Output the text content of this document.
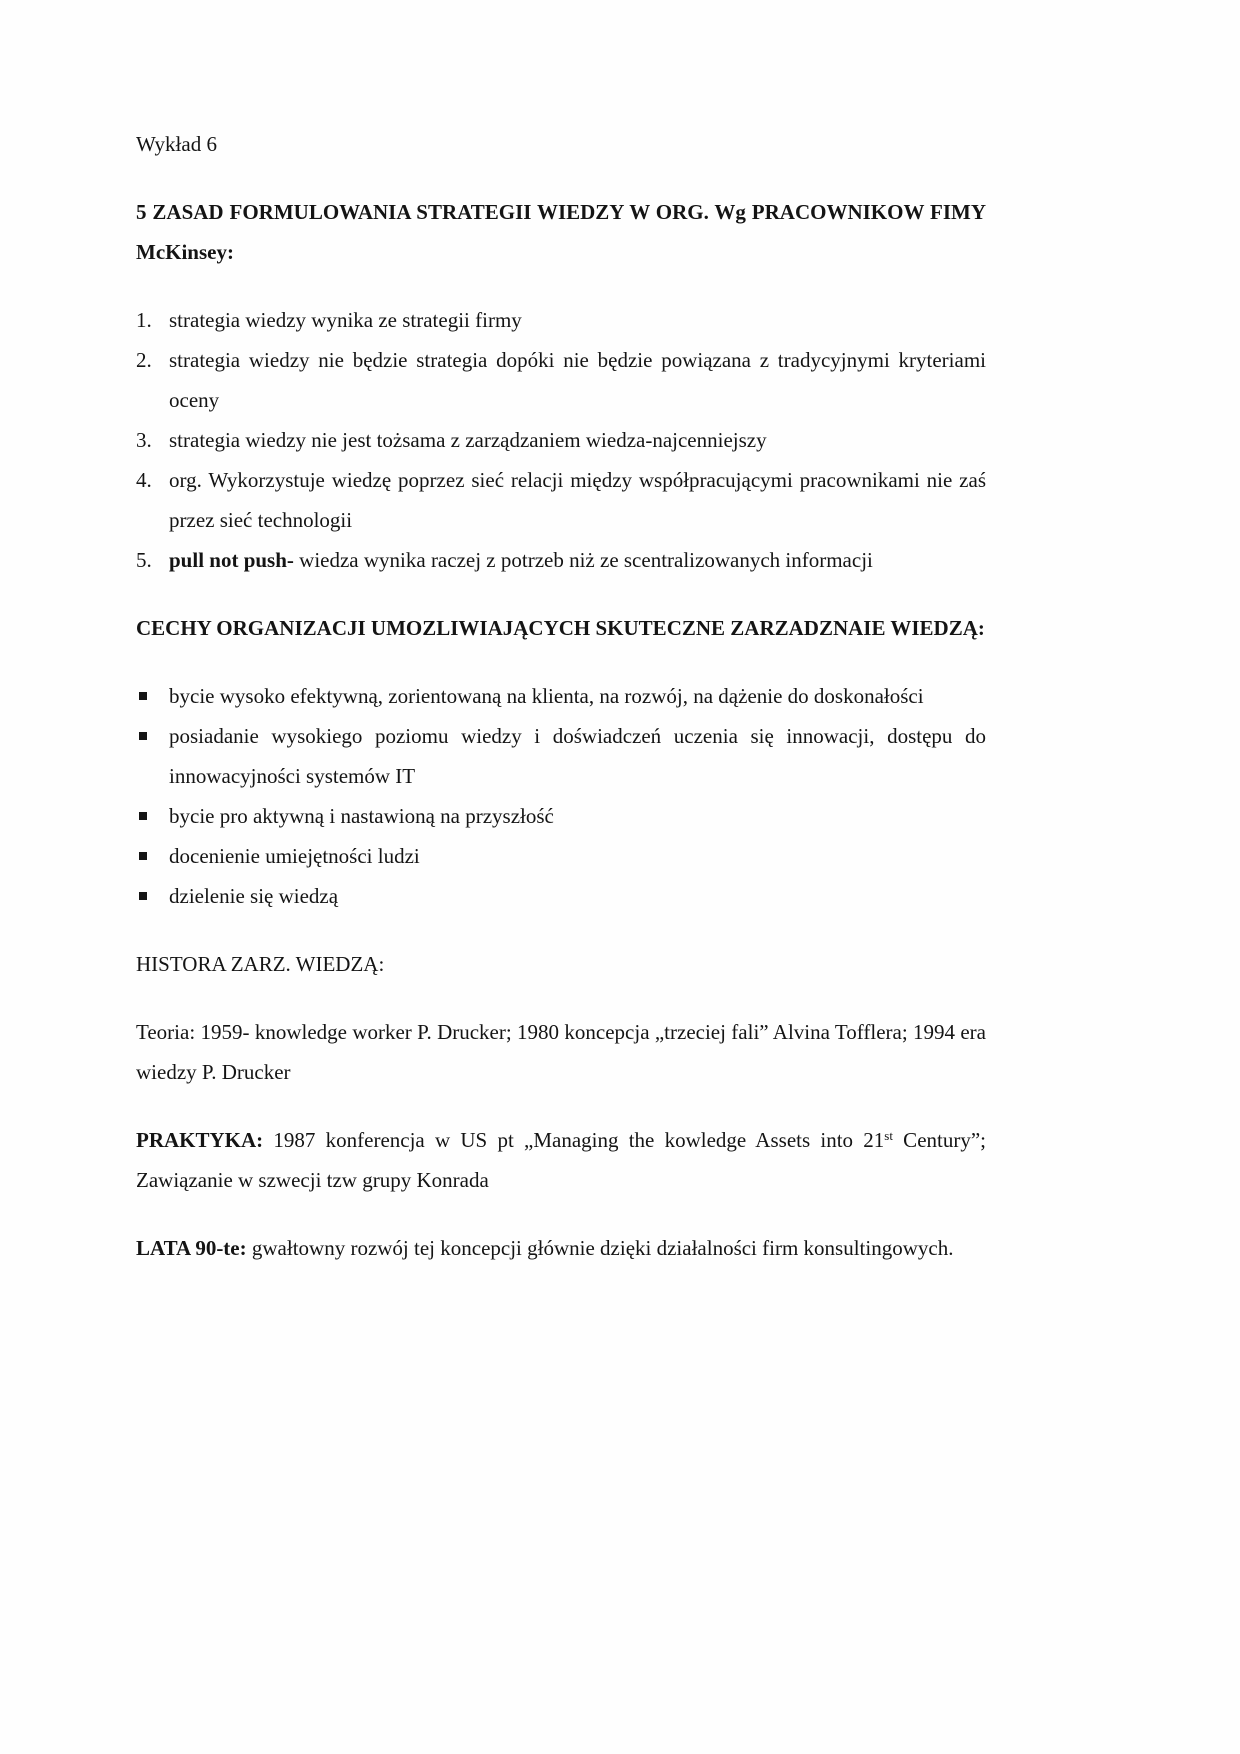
Wykład 6

5 ZASAD FORMULOWANIA STRATEGII WIEDZY W ORG. Wg PRACOWNIKOW FIMY McKinsey:

1. strategia wiedzy wynika ze strategii firmy
2. strategia wiedzy nie będzie strategia dopóki nie będzie powiązana z tradycyjnymi kryteriami oceny
3. strategia wiedzy nie jest tożsama z zarządzaniem wiedza-najcenniejszy
4. org. Wykorzystuje wiedzę poprzez sieć relacji między współpracującymi pracownikami nie zaś przez sieć technologii
5. pull not push- wiedza wynika raczej z potrzeb niż ze scentralizowanych informacji

CECHY ORGANIZACJI UMOZLIWIAJĄCYCH SKUTECZNE ZARZADZNAIE WIEDZĄ:

bycie wysoko efektywną, zorientowaną na klienta, na rozwój, na dążenie do doskonałości
posiadanie wysokiego poziomu wiedzy i doświadczeń uczenia się innowacji, dostępu do innowacyjności systemów IT
bycie pro aktywną i nastawioną na przyszłość
docenienie umiejętności ludzi
dzielenie się wiedzą

HISTORA ZARZ. WIEDZĄ:

Teoria: 1959- knowledge worker P. Drucker; 1980 koncepcja „trzeciej fali” Alvina Tofflera; 1994 era wiedzy P. Drucker

PRAKTYKA: 1987 konferencja w US pt „Managing the kowledge Assets into 21st Century”; Zawiązanie w szwecji tzw grupy Konrada

LATA 90-te: gwałtowny rozwój tej koncepcji głównie dzięki działalności firm konsultingowych.
